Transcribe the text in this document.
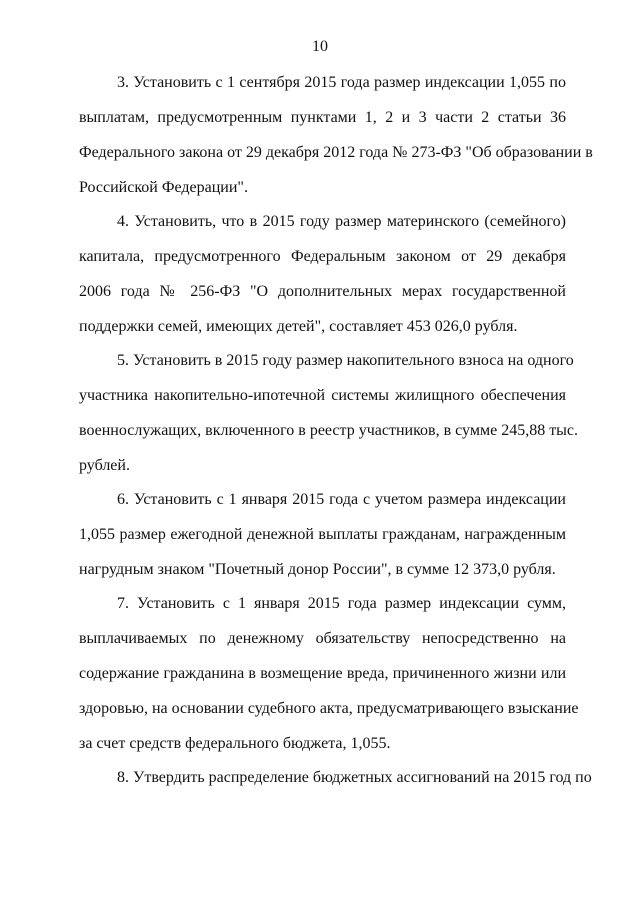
10
3. Установить с 1 сентября 2015 года размер индексации 1,055 по
выплатам, предусмотренным пунктами 1, 2 и 3 части 2 статьи 36
Федерального закона от 29 декабря 2012 года № 273-ФЗ "Об образовании в
Российской Федерации".
4. Установить, что в 2015 году размер материнского (семейного)
капитала, предусмотренного Федеральным законом от 29 декабря
2006 года № 256-ФЗ "О дополнительных мерах государственной
поддержки семей, имеющих детей", составляет 453 026,0 рубля.
5. Установить в 2015 году размер накопительного взноса на одного
участника накопительно-ипотечной системы жилищного обеспечения
военнослужащих, включенного в реестр участников, в сумме 245,88 тыс.
рублей.
6. Установить с 1 января 2015 года с учетом размера индексации
1,055 размер ежегодной денежной выплаты гражданам, награжденным
нагрудным знаком "Почетный донор России", в сумме 12 373,0 рубля.
7. Установить с 1 января 2015 года размер индексации сумм,
выплачиваемых по денежному обязательству непосредственно на
содержание гражданина в возмещение вреда, причиненного жизни или
здоровью, на основании судебного акта, предусматривающего взыскание
за счет средств федерального бюджета, 1,055.
8. Утвердить распределение бюджетных ассигнований на 2015 год по
